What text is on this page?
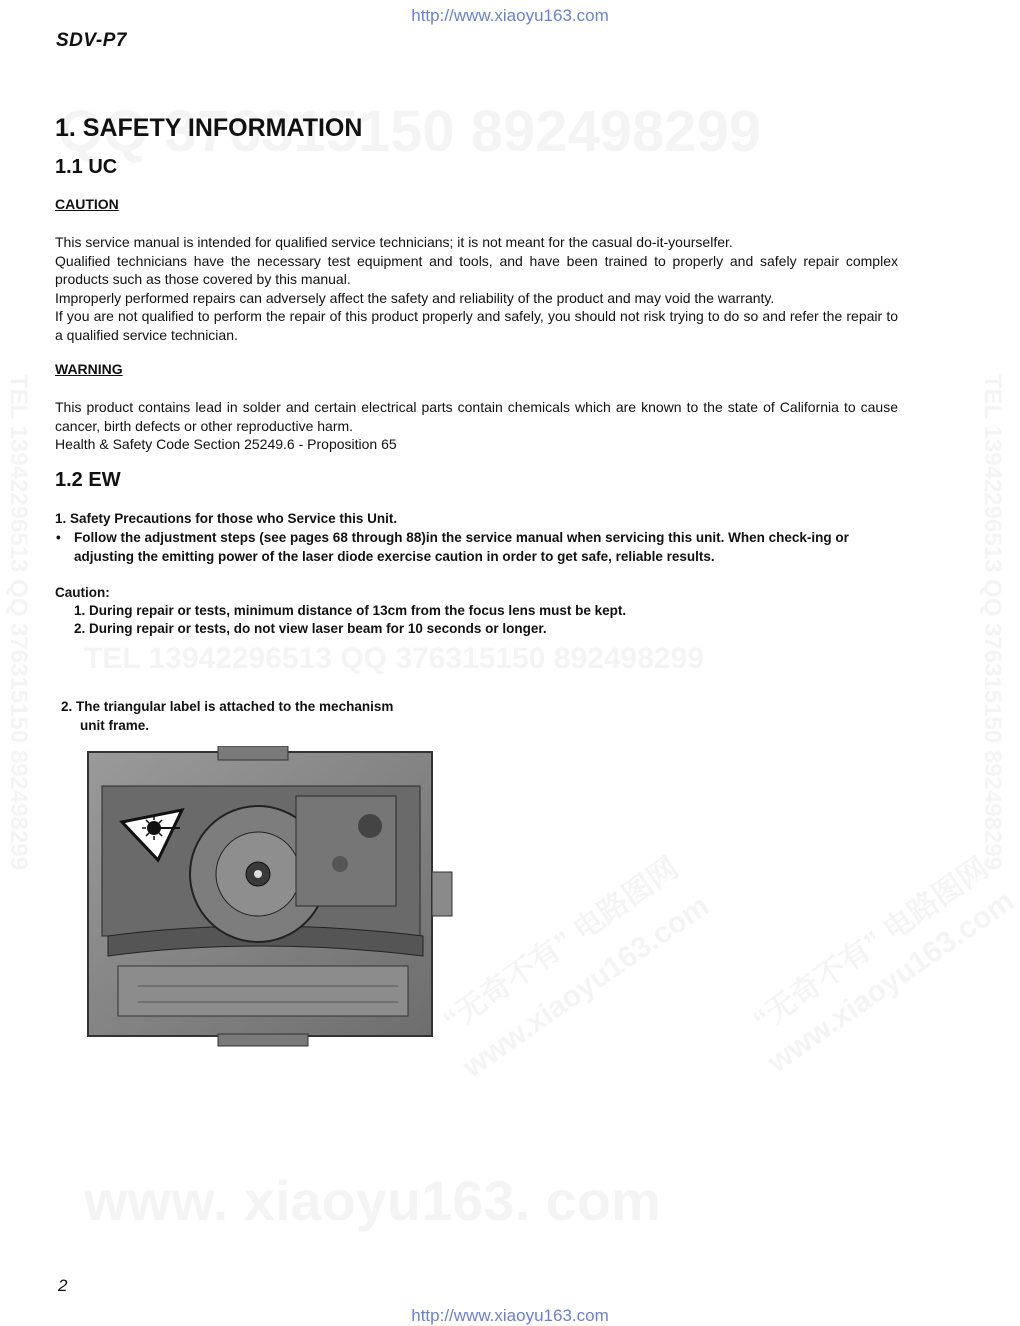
http://www.xiaoyu163.com
SDV-P7
1. SAFETY INFORMATION
1.1 UC
CAUTION
This service manual is intended for qualified service technicians; it is not meant for the casual do-it-yourselfer.
Qualified technicians have the necessary test equipment and tools, and have been trained to properly and safely repair complex products such as those covered by this manual.
Improperly performed repairs can adversely affect the safety and reliability of the product and may void the warranty.
If you are not qualified to perform the repair of this product properly and safely, you should not risk trying to do so and refer the repair to a qualified service technician.
WARNING
This product contains lead in solder and certain electrical parts contain chemicals which are known to the state of California to cause cancer, birth defects or other reproductive harm.
Health & Safety Code Section 25249.6 - Proposition 65
1.2 EW
1. Safety Precautions for those who Service this Unit.
• Follow the adjustment steps (see pages 68 through 88)in the service manual when servicing this unit. When check-ing or adjusting the emitting power of the laser diode exercise caution in order to get safe, reliable results.
Caution:
1. During repair or tests, minimum distance of 13cm from the focus lens must be kept.
2. During repair or tests, do not view laser beam for 10 seconds or longer.
2. The triangular label is attached to the mechanism
unit frame.
2
http://www.xiaoyu163.com
